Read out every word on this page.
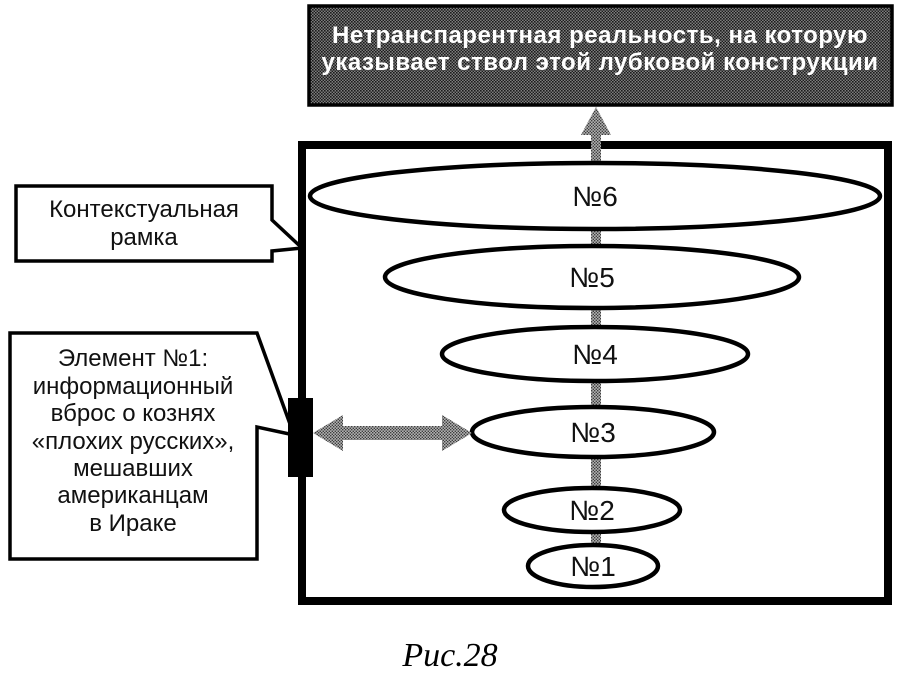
Нетранспарентная реальность, на которую
указывает ствол этой лубковой конструкции
№6
№5
№4
№3
№2
№1
Контекстуальная
рамка
Элемент №1:
информационный
вброс о кознях
«плохих русских»,
мешавших
американцам
в Ираке
Рис.28
